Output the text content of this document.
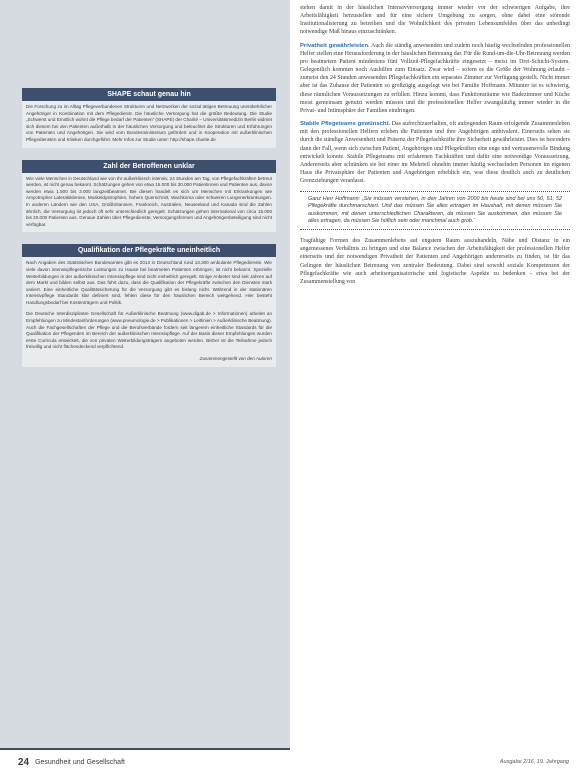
SHAPE schaut genau hin

Die Forschung zu im Alltag Pflegeverbundenen Strukturen und Netzwerken der sozial tätigen Betreuung unentbehrlicher Angehöriger in Kombination mit dem Pflegedienst. Die häusliche Versorgung hat die größte Bedeutung. Die Studie „Schwerst und Ernstlich wohnt die Pflege bedarf der Patienten“ (SHAPE) der Charité – Universitätsmedizin Berlin widmet sich diesem bei den Patienten außerhalb in der häuslichen Versorgung und beleuchtet die Strukturen und Erfahrungen von Patienten und Angehörigen. Sie wird vom Bundesministerium gefördert und in Kooperation mit außerklinischen Pflegediensten und Kliniken durchgeführt. Mehr Infos zur Studie unter: http://shape.charite.de

Zahl der Betroffenen unklar

Wie viele Menschen in Deutschland wie von Ihr außerklinisch intensiv, 24 Stunden am Tag, von Pflegefachkräften betreut werden, ist nicht genau bekannt. Schätzungen gehen von etwa 15.000 bis 30.000 Patientinnen und Patienten aus, davon werden etwa 1.500 bis 3.000 langzeitbeatmet. Bei diesen handelt es sich um Menschen mit Erkrankungen wie Amyotropher Lateralsklerose, Muskeldystrophien, hohem Querschnitt, Wachkoma oder schweren Lungenerkrankungen. In anderen Ländern wie den USA, Großbritannien, Frankreich, Australien, Neuseeland und Kanada sind die Zahlen ähnlich, die Versorgung ist jedoch oft sehr unterschiedlich geregelt. Schätzungen gehen international von circa 15.000 bis 20.000 Patienten aus. Genaue Zahlen über Pflegedienste, Versorgungsformen und Angehörigenbeteiligung sind nicht verfügbar.

Qualifikation der Pflegekräfte uneinheitlich

Nach Angaben des Statistischen Bundesamtes gibt es 2013 in Deutschland rund 13.300 ambulante Pflegedienste. Wie viele davon intensivpflegerische Leistungen zu Hause bei beatmeten Patienten erbringen, ist nicht bekannt. Spezielle Weiterbildungen in der außerklinischen Intensivpflege sind nicht einheitlich geregelt. Einige Anbieter sind seit Jahren auf dem Markt und bilden selbst aus. Das führt dazu, dass die Qualifikation der Pflegekräfte zwischen den Diensten stark variiert. Eine einheitliche Qualitätssicherung für die Versorgung gibt es bislang nicht. Während in der stationären Intensivpflege Standards klar definiert sind, fehlen diese für den häuslichen Bereich weitgehend. Hier besteht Handlungsbedarf bei Kostenträgern und Politik.

Die Deutsche Interdisziplinäre Gesellschaft für Außerklinische Beatmung (www.digab.de > Informationen) arbeitet an Empfehlungen zu Mindestanforderungen (www.pneumologie.de > Publikationen > Leitlinien > Außerklinische Beatmung). Auch die Fachgesellschaften der Pflege und die Berufsverbände fordern seit längerem einheitliche Standards für die Qualifikation der Pflegenden im Bereich der außerklinischen Intensivpflege. Auf der Basis dieser Empfehlungen wurden erste Curricula entwickelt, die von privaten Weiterbildungsträgern angeboten werden. Bisher ist die Teilnahme jedoch freiwillig und nicht flächendeckend verpflichtend.

Zusammengestellt von den Autoren

stehen damit in der häuslichen Intensivversorgung immer wieder vor der schwierigen Aufgabe, ihre Arbeitsfähigkeit herzustellen und für eine sichere Umgebung zu sorgen, ohne dabei eine störende Institutionalisierung zu betreiben und die Wohnlichkeit des privaten Lebensumfeldes über das unbedingt notwendige Maß hinaus einzuschränken.

Privatheit gewährleisten. Auch die ständig anwesenden und zudem noch häufig wechselnden professionellen Helfer stellen eine Herausforderung in der häuslichen Betreuung dar. Für die Rund-um-die-Uhr-Betreuung werden pro beatmetem Patient mindestens fünf Vollzeit-Pflegefachkräfte eingesetzt – meist im Drei-Schicht-System. Gelegentlich kommen noch Aushilfen zum Einsatz. Zwar wird – sofern es die Größe der Wohnung erlaubt – zumeist den 24 Stunden anwesenden Pflegefachkräften ein separates Zimmer zur Verfügung gestellt. Nicht immer aber ist das Zuhause der Patienten so großzügig ausgelegt wie bei Familie Hoffmann. Mitunter ist es schwierig, diese räumlichen Voraussetzungen zu erfüllen. Hinzu kommt, dass Funktionsräume wie Badezimmer und Küche meist gemeinsam genutzt werden müssen und die professionellen Helfer zwangsläufig immer wieder in die Privat- und Intimsphäre der Familien eindringen.

Stabile Pflegeteams gewünscht. Das aufrechtzuerhalten, oft aufregenden Raum erfolgende Zusammenleben mit den professionellen Helfern erleben die Patienten und ihre Angehörigen ambivalent. Einerseits sehen sie durch die ständige Anwesenheit und Präsenz der Pflegefachkräfte ihre Sicherheit gewährleistet. Dies ist besonders dann der Fall, wenn sich zwischen Patient, Angehörigen und Pflegekräften eine enge und vertrauensvolle Bindung entwickelt konnte. Stabile Pflegeteams mit erfahrenen Fachkräften und dafür eine notwendige Voraussetzung. Andererseits aber schränken sie bei einer im Mehrteil ohnehin immer häufig wechselnden Personen im eigenen Haus die Privatsphäre der Patienten und Angehörigen erheblich ein, was diese deutlich auch zu deutlichen Grenzziehungen veranlasst.

Ganz Herr Hoffmann: „Sie müssen verstehen, in den Jahren von 2000 bis heute sind bei uns 50, 51, 52 Pflegekräfte durchmarschiert. Und das müssen Sie alles ertragen im Haushalt, mit denen müssen Sie auskommen, mit denen unterschiedlichen Charakteren, da müssen Sie auskommen, das müssen Sie alles ertragen, da müssen Sie höflich sein oder manchmal auch grob.“

Tragfähige Formen des Zusammenlebens auf engstem Raum auszuhandeln, Nähe und Distanz in ein angemessenes Verhältnis zu bringen und eine Balance zwischen der Arbeitsfähigkeit der professionellen Helfer einerseits und der notwendigen Privatheit der Patienten und Angehörigen andererseits zu finden, ist für das Gelingen der häuslichen Betreuung von zentraler Bedeutung. Dabei sind sowohl soziale Kompetenzen der Pflegefachkräfte wie auch arbeitsorganisatorische und logistische Aspekte zu bedenken – etwa bei der Zusammenstellung von

24 Gesundheit und Gesellschaft	Ausgabe 2/16, 19. Jahrgang
